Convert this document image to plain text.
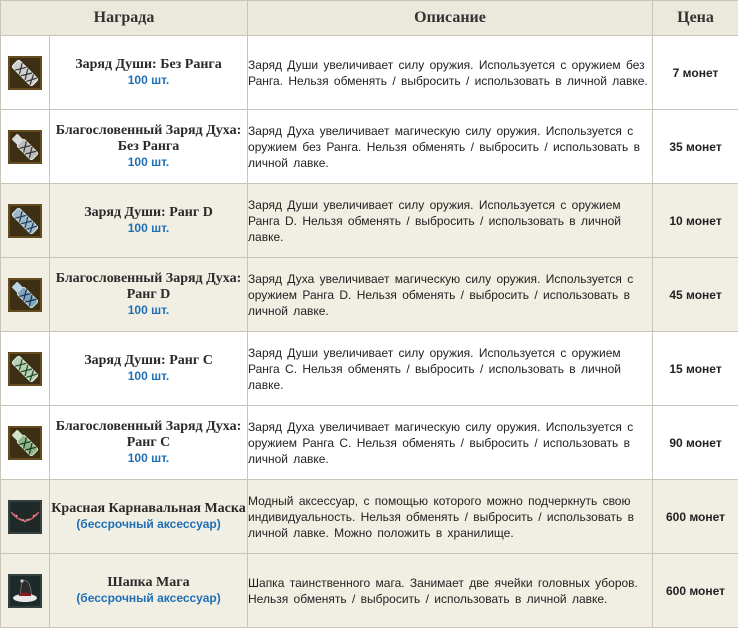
Награда		Описание	Цена

Заряд Души: Без Ранга
100 шт.	Заряд Души увеличивает силу оружия. Используется с оружием без Ранга. Нельзя обменять / выбросить / использовать в личной лавке.	7 монет

Благословенный Заряд Духа: Без Ранга
100 шт.	Заряд Духа увеличивает магическую силу оружия. Используется с оружием без Ранга. Нельзя обменять / выбросить / использовать в личной лавке.	35 монет

Заряд Души: Ранг D
100 шт.	Заряд Души увеличивает силу оружия. Используется с оружием Ранга D. Нельзя обменять / выбросить / использовать в личной лавке.	10 монет

Благословенный Заряд Духа: Ранг D
100 шт.	Заряд Духа увеличивает магическую силу оружия. Используется с оружием Ранга D. Нельзя обменять / выбросить / использовать в личной лавке.	45 монет

Заряд Души: Ранг C
100 шт.	Заряд Души увеличивает силу оружия. Используется с оружием Ранга C. Нельзя обменять / выбросить / использовать в личной лавке.	15 монет

Благословенный Заряд Духа: Ранг C
100 шт.	Заряд Духа увеличивает магическую силу оружия. Используется с оружием Ранга C. Нельзя обменять / выбросить / использовать в личной лавке.	90 монет

Красная Карнавальная Маска
(бессрочный аксессуар)	Модный аксессуар, с помощью которого можно подчеркнуть свою индивидуальность. Нельзя обменять / выбросить / использовать в личной лавке. Можно положить в хранилище.	600 монет

Шапка Мага
(бессрочный аксессуар)	Шапка таинственного мага. Занимает две ячейки головных уборов. Нельзя обменять / выбросить / использовать в личной лавке.	600 монет
